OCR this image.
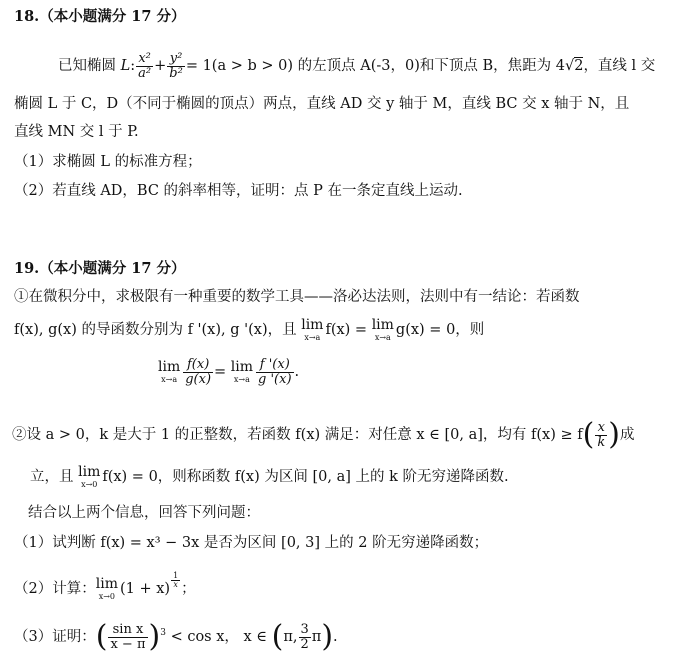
18.（本小题满分 17 分）
已知椭圆 L: $\frac{\text{x²}}{\text{a²}} + \frac{\text{y²}}{\text{b²}} = 1(a > b > 0)$ 的左顶点 A(-3，0)和下顶点 B，焦距为 4√2，直线 l 交
椭圆 L 于 C，D（不同于椭圆的顶点）两点，直线 AD 交 y 轴于 M，直线 BC 交 x 轴于 N，且
直线 MN 交 l 于 P.
（1）求椭圆 L 的标准方程；
（2）若直线 AD，BC 的斜率相等，证明：点 P 在一条定直线上运动.
19.（本小题满分 17 分）
①在微积分中，求极限有一种重要的数学工具——洛必达法则，法则中有一结论：若函数
f(x), g(x) 的导函数分别为 f '(x), g '(x)，且 lim
x→a f(x) = lim
x→a g(x) = 0，则
lim
$x\to a \frac{f(x)}{g(x)} = \lim$
$x\to a \frac{f '(x)}{g '(x)}$ .
②设 a > 0，k 是大于 1 的正整数，若函数 f(x) 满足：对任意 x ∈ [0, a]，均有 $f(x) \ge f( \frac{x}{k}$ )成
立，且 lim
x→0 f(x) = 0，则称函数 f(x) 为区间 [0, a] 上的 k 阶无穷递降函数.
结合以上两个信息，回答下列问题：
（1）试判断 f(x) = x³ − 3x 是否为区间 [0, 3] 上的 2 阶无穷递降函数；
（2）计算： lim
x→0 $(1 + x) \frac{1}{x}$ ；
（3）证明：( $\frac{\text{sin x}}{x - \pi} )^3 < \cos x$， x ∈ (π, $\frac{3}{2} \pi$).
